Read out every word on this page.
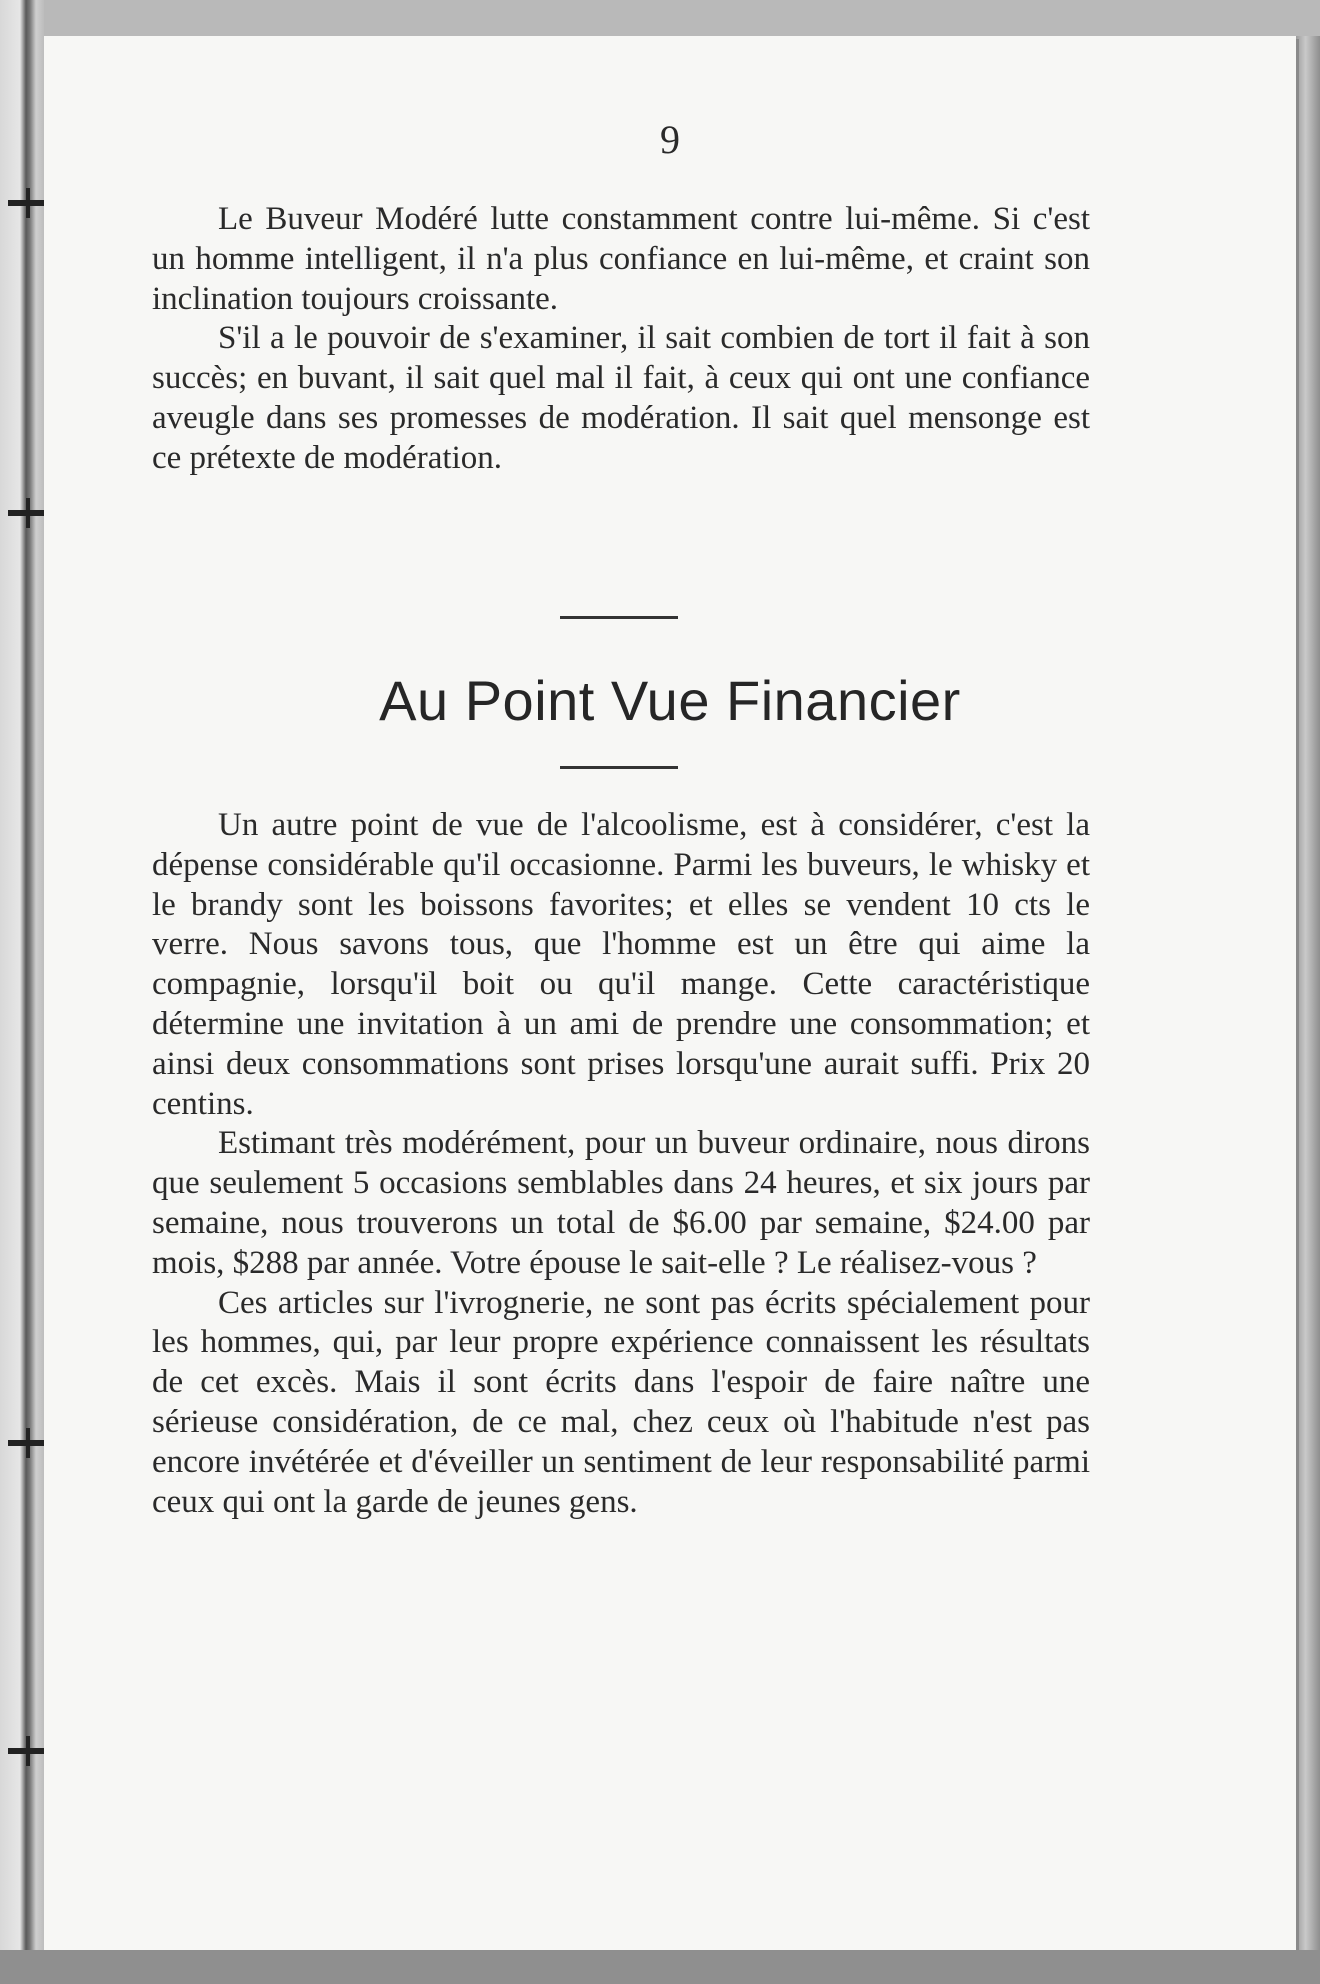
9

Le Buveur Modéré lutte constamment contre lui-même. Si c'est un homme intelligent, il n'a plus confiance en lui-même, et craint son inclination toujours croissante.

S'il a le pouvoir de s'examiner, il sait combien de tort il fait à son succès; en buvant, il sait quel mal il fait, à ceux qui ont une confiance aveugle dans ses promesses de modération. Il sait quel mensonge est ce prétexte de modération.

Au Point Vue Financier

Un autre point de vue de l'alcoolisme, est à considérer, c'est la dépense considérable qu'il occasionne. Parmi les buveurs, le whisky et le brandy sont les boissons favorites; et elles se vendent 10 cts le verre. Nous savons tous, que l'homme est un être qui aime la compagnie, lorsqu'il boit ou qu'il mange. Cette caractéristique détermine une invitation à un ami de prendre une consommation; et ainsi deux consommations sont prises lorsqu'une aurait suffi. Prix 20 centins.

Estimant très modérément, pour un buveur ordinaire, nous dirons que seulement 5 occasions semblables dans 24 heures, et six jours par semaine, nous trouverons un total de $6.00 par semaine, $24.00 par mois, $288 par année. Votre épouse le sait-elle ? Le réalisez-vous ?

Ces articles sur l'ivrognerie, ne sont pas écrits spécialement pour les hommes, qui, par leur propre expérience connaissent les résultats de cet excès. Mais il sont écrits dans l'espoir de faire naître une sérieuse considération, de ce mal, chez ceux où l'habitude n'est pas encore invétérée et d'éveiller un sentiment de leur responsabilité parmi ceux qui ont la garde de jeunes gens.
